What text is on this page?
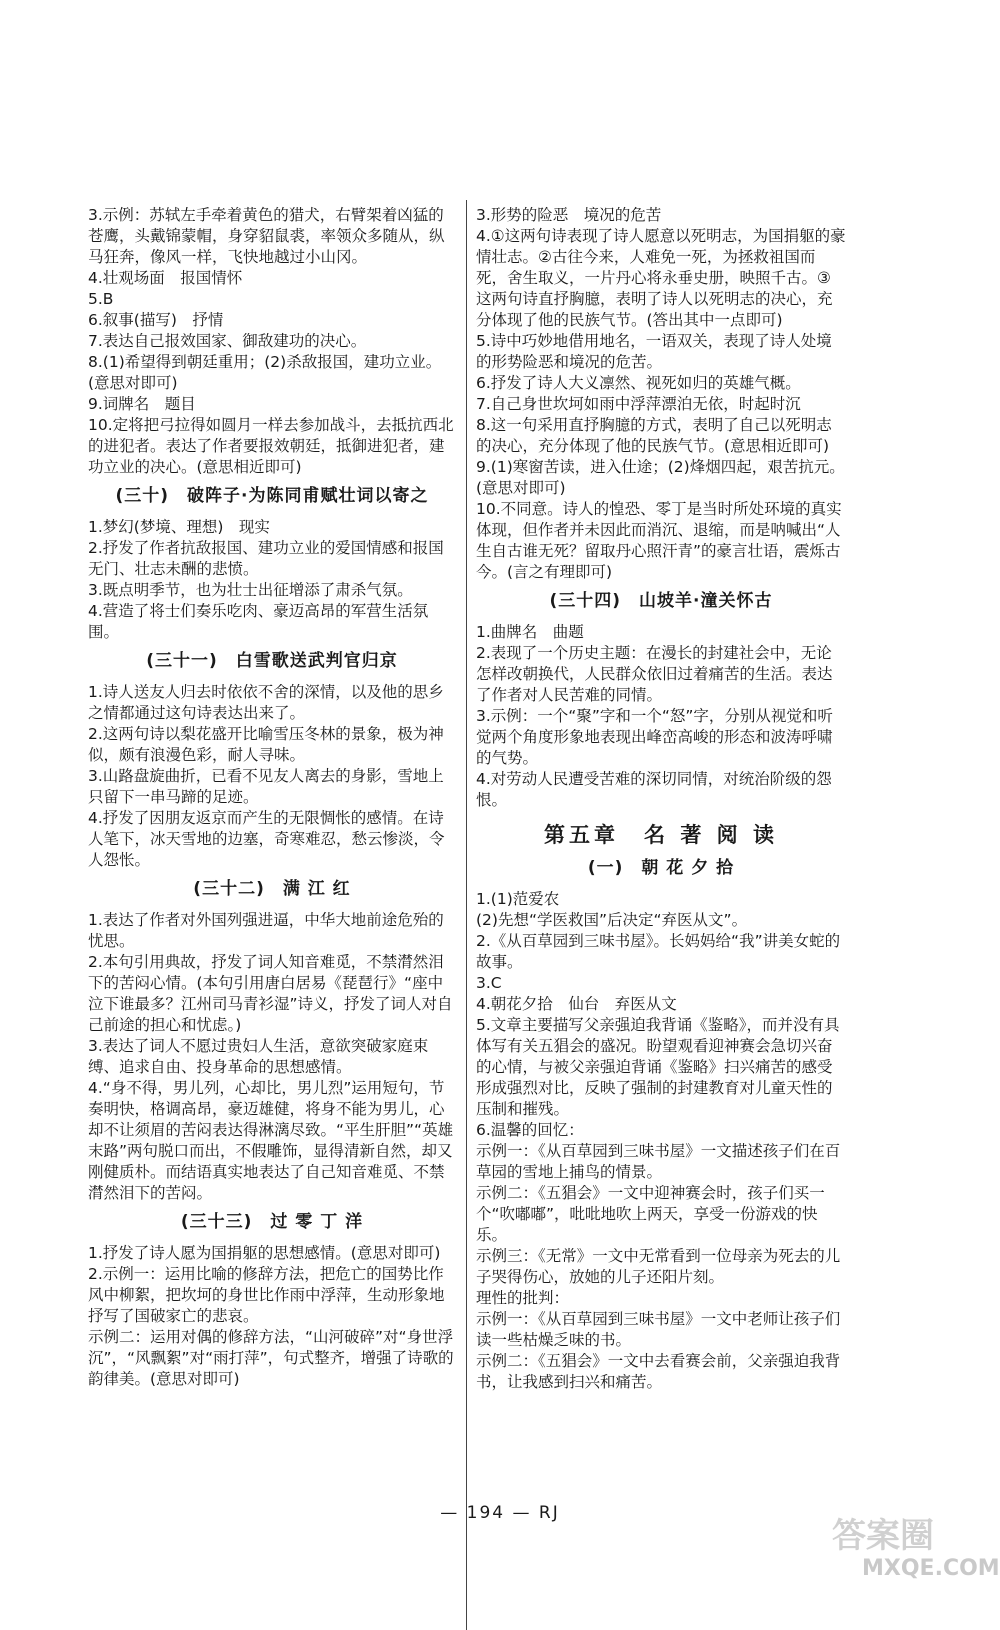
3.示例：苏轼左手牵着黄色的猎犬，右臂架着凶猛的苍鹰，头戴锦蒙帽，身穿貂鼠裘，率领众多随从，纵马狂奔，像风一样，飞快地越过小山冈。
4.壮观场面　报国情怀
5.B
6.叙事(描写)　抒情
7.表达自己报效国家、御敌建功的决心。
8.(1)希望得到朝廷重用；(2)杀敌报国，建功立业。(意思对即可)
9.词牌名　题目
10.定将把弓拉得如圆月一样去参加战斗，去抵抗西北的进犯者。表达了作者要报效朝廷，抵御进犯者，建功立业的决心。(意思相近即可)
(三十)　破阵子·为陈同甫赋壮词以寄之
1.梦幻(梦境、理想)　现实
2.抒发了作者抗敌报国、建功立业的爱国情感和报国无门、壮志未酬的悲愤。
3.既点明季节，也为壮士出征增添了肃杀气氛。
4.营造了将士们奏乐吃肉、豪迈高昂的军营生活氛围。
(三十一)　白雪歌送武判官归京
1.诗人送友人归去时依依不舍的深情，以及他的思乡之情都通过这句诗表达出来了。
2.这两句诗以梨花盛开比喻雪压冬林的景象，极为神似，颇有浪漫色彩，耐人寻味。
3.山路盘旋曲折，已看不见友人离去的身影，雪地上只留下一串马蹄的足迹。
4.抒发了因朋友返京而产生的无限惆怅的感情。在诗人笔下，冰天雪地的边塞，奇寒难忍，愁云惨淡，令人怨怅。
(三十二)　满 江 红
1.表达了作者对外国列强进逼，中华大地前途危殆的忧思。
2.本句引用典故，抒发了词人知音难觅，不禁潸然泪下的苦闷心情。(本句引用唐白居易《琵琶行》“座中泣下谁最多？江州司马青衫湿”诗义，抒发了词人对自己前途的担心和忧虑。)
3.表达了词人不愿过贵妇人生活，意欲突破家庭束缚、追求自由、投身革命的思想感情。
4.“身不得，男儿列，心却比，男儿烈”运用短句，节奏明快，格调高昂，豪迈雄健，将身不能为男儿，心却不让须眉的苦闷表达得淋漓尽致。“平生肝胆”“英雄末路”两句脱口而出，不假雕饰，显得清新自然，却又刚健质朴。而结语真实地表达了自己知音难觅、不禁潸然泪下的苦闷。
(三十三)　过 零 丁 洋
1.抒发了诗人愿为国捐躯的思想感情。(意思对即可)
2.示例一：运用比喻的修辞方法，把危亡的国势比作风中柳絮，把坎坷的身世比作雨中浮萍，生动形象地抒写了国破家亡的悲哀。
示例二：运用对偶的修辞方法，“山河破碎”对“身世浮沉”，“风飘絮”对“雨打萍”，句式整齐，增强了诗歌的韵律美。(意思对即可)
3.形势的险恶　境况的危苦
4.①这两句诗表现了诗人愿意以死明志，为国捐躯的豪情壮志。②古往今来，人难免一死，为拯救祖国而死，舍生取义，一片丹心将永垂史册，映照千古。③这两句诗直抒胸臆，表明了诗人以死明志的决心，充分体现了他的民族气节。(答出其中一点即可)
5.诗中巧妙地借用地名，一语双关，表现了诗人处境的形势险恶和境况的危苦。
6.抒发了诗人大义凛然、视死如归的英雄气概。
7.自己身世坎坷如雨中浮萍漂泊无依，时起时沉
8.这一句采用直抒胸臆的方式，表明了自己以死明志的决心，充分体现了他的民族气节。(意思相近即可)
9.(1)寒窗苦读，进入仕途；(2)烽烟四起，艰苦抗元。(意思对即可)
10.不同意。诗人的惶恐、零丁是当时所处环境的真实体现，但作者并未因此而消沉、退缩，而是呐喊出“人生自古谁无死？留取丹心照汗青”的豪言壮语，震烁古今。(言之有理即可)
(三十四)　山坡羊·潼关怀古
1.曲牌名　曲题
2.表现了一个历史主题：在漫长的封建社会中，无论怎样改朝换代，人民群众依旧过着痛苦的生活。表达了作者对人民苦难的同情。
3.示例：一个“聚”字和一个“怒”字，分别从视觉和听觉两个角度形象地表现出峰峦高峻的形态和波涛呼啸的气势。
4.对劳动人民遭受苦难的深切同情，对统治阶级的怨恨。
第五章　名 著 阅 读
(一)　朝 花 夕 拾
1.(1)范爱农
(2)先想“学医救国”后决定“弃医从文”。
2.《从百草园到三味书屋》。长妈妈给“我”讲美女蛇的故事。
3.C
4.朝花夕拾　仙台　弃医从文
5.文章主要描写父亲强迫我背诵《鉴略》，而并没有具体写有关五猖会的盛况。盼望观看迎神赛会急切兴奋的心情，与被父亲强迫背诵《鉴略》扫兴痛苦的感受形成强烈对比，反映了强制的封建教育对儿童天性的压制和摧残。
6.温馨的回忆：
示例一：《从百草园到三味书屋》一文描述孩子们在百草园的雪地上捕鸟的情景。
示例二：《五猖会》一文中迎神赛会时，孩子们买一个“吹嘟嘟”，吡吡地吹上两天，享受一份游戏的快乐。
示例三：《无常》一文中无常看到一位母亲为死去的儿子哭得伤心，放她的儿子还阳片刻。
理性的批判：
示例一：《从百草园到三味书屋》一文中老师让孩子们读一些枯燥乏味的书。
示例二：《五猖会》一文中去看赛会前，父亲强迫我背书，让我感到扫兴和痛苦。
— 194 — RJ
答案圈
MXQE.COM
